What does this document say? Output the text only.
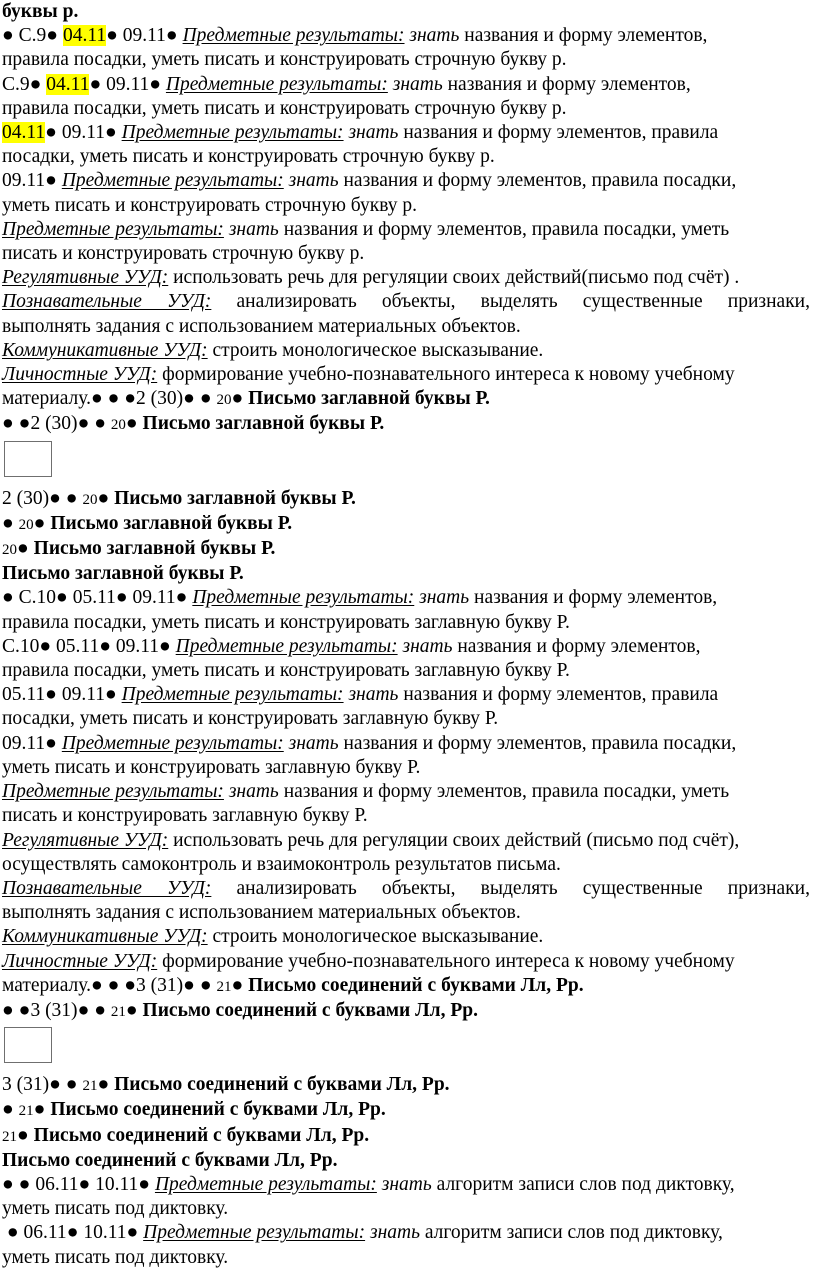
буквы р.
● С.9● 04.11● 09.11● Предметные результаты: знать названия и форму элементов,
правила посадки, уметь писать и конструировать строчную букву р.
С.9● 04.11● 09.11● Предметные результаты: знать названия и форму элементов,
правила посадки, уметь писать и конструировать строчную букву р.
04.11● 09.11● Предметные результаты: знать названия и форму элементов, правила
посадки, уметь писать и конструировать строчную букву р.
09.11● Предметные результаты: знать названия и форму элементов, правила посадки,
уметь писать и конструировать строчную букву р.
Предметные результаты: знать названия и форму элементов, правила посадки, уметь
писать и конструировать строчную букву р.
Регулятивные УУД: использовать речь для регуляции своих действий(письмо под счёт) .
Познавательные УУД: анализировать объекты, выделять существенные признаки,
выполнять задания с использованием материальных объектов.
Коммуникативные УУД: строить монологическое высказывание.
Личностные УУД: формирование учебно-познавательного интереса к новому учебному
материалу.● ● ●2 (30)● ● 20● Письмо заглавной буквы Р.
● ●2 (30)● ● 20● Письмо заглавной буквы Р.
2 (30)● ● 20● Письмо заглавной буквы Р.
● 20● Письмо заглавной буквы Р.
20● Письмо заглавной буквы Р.
Письмо заглавной буквы Р.
● С.10● 05.11● 09.11● Предметные результаты: знать названия и форму элементов,
правила посадки, уметь писать и конструировать заглавную букву Р.
С.10● 05.11● 09.11● Предметные результаты: знать названия и форму элементов,
правила посадки, уметь писать и конструировать заглавную букву Р.
05.11● 09.11● Предметные результаты: знать названия и форму элементов, правила
посадки, уметь писать и конструировать заглавную букву Р.
09.11● Предметные результаты: знать названия и форму элементов, правила посадки,
уметь писать и конструировать заглавную букву Р.
Предметные результаты: знать названия и форму элементов, правила посадки, уметь
писать и конструировать заглавную букву Р.
Регулятивные УУД: использовать речь для регуляции своих действий (письмо под счёт),
осуществлять самоконтроль и взаимоконтроль результатов письма.
Познавательные УУД: анализировать объекты, выделять существенные признаки,
выполнять задания с использованием материальных объектов.
Коммуникативные УУД: строить монологическое высказывание.
Личностные УУД: формирование учебно-познавательного интереса к новому учебному
материалу.● ● ●3 (31)● ● 21● Письмо соединений с буквами Лл, Рр.
● ●3 (31)● ● 21● Письмо соединений с буквами Лл, Рр.
3 (31)● ● 21● Письмо соединений с буквами Лл, Рр.
● 21● Письмо соединений с буквами Лл, Рр.
21● Письмо соединений с буквами Лл, Рр.
Письмо соединений с буквами Лл, Рр.
● ● 06.11● 10.11● Предметные результаты: знать алгоритм записи слов под диктовку,
уметь писать под диктовку.
● 06.11● 10.11● Предметные результаты: знать алгоритм записи слов под диктовку,
уметь писать под диктовку.
